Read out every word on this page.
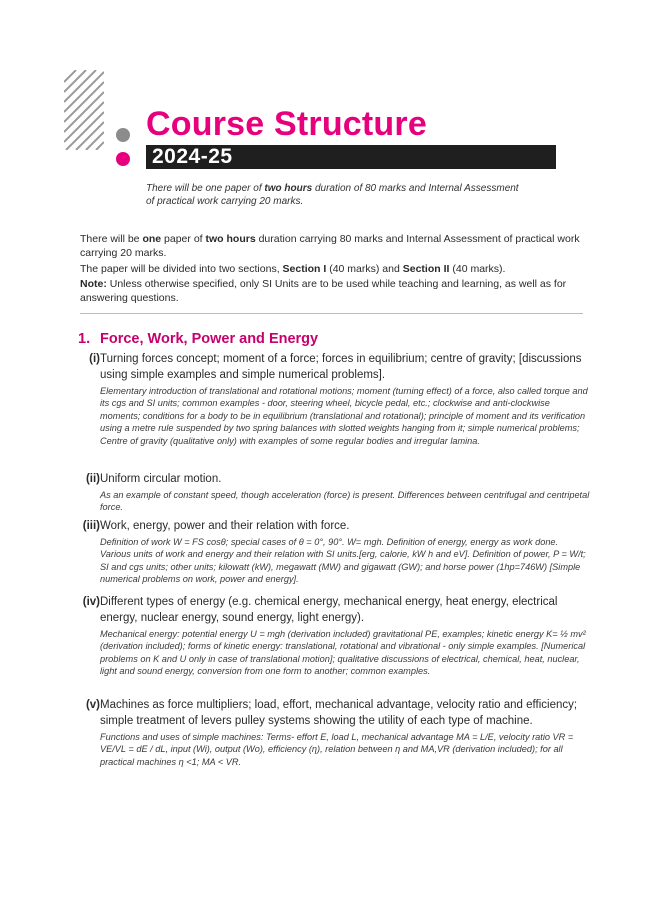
Course Structure
2024-25
There will be one paper of two hours duration of 80 marks and Internal Assessment of practical work carrying 20 marks.
There will be one paper of two hours duration carrying 80 marks and Internal Assessment of practical work carrying 20 marks.
The paper will be divided into two sections, Section I (40 marks) and Section II (40 marks).
Note: Unless otherwise specified, only SI Units are to be used while teaching and learning, as well as for answering questions.
1. Force, Work, Power and Energy
(i) Turning forces concept; moment of a force; forces in equilibrium; centre of gravity; [discussions using simple examples and simple numerical problems].
Elementary introduction of translational and rotational motions; moment (turning effect) of a force, also called torque and its cgs and SI units; common examples - door, steering wheel, bicycle pedal, etc.; clockwise and anti-clockwise moments; conditions for a body to be in equilibrium (translational and rotational); principle of moment and its verification using a metre rule suspended by two spring balances with slotted weights hanging from it; simple numerical problems; Centre of gravity (qualitative only) with examples of some regular bodies and irregular lamina.
(ii) Uniform circular motion.
As an example of constant speed, though acceleration (force) is present. Differences between centrifugal and centripetal force.
(iii) Work, energy, power and their relation with force.
Definition of work W = FS cosθ; special cases of θ = 0°, 90°. W= mgh. Definition of energy, energy as work done. Various units of work and energy and their relation with SI units.[erg, calorie, kW h and eV]. Definition of power, P = W/t; SI and cgs units; other units; kilowatt (kW), megawatt (MW) and gigawatt (GW); and horse power (1hp=746W) [Simple numerical problems on work, power and energy].
(iv) Different types of energy (e.g. chemical energy, mechanical energy, heat energy, electrical energy, nuclear energy, sound energy, light energy).
Mechanical energy: potential energy U = mgh (derivation included) gravitational PE, examples; kinetic energy K= ½ mv² (derivation included); forms of kinetic energy: translational, rotational and vibrational - only simple examples. [Numerical problems on K and U only in case of translational motion]; qualitative discussions of electrical, chemical, heat, nuclear, light and sound energy, conversion from one form to another; common examples.
(v) Machines as force multipliers; load, effort, mechanical advantage, velocity ratio and efficiency; simple treatment of levers pulley systems showing the utility of each type of machine.
Functions and uses of simple machines: Terms- effort E, load L, mechanical advantage MA = L/E, velocity ratio VR = VE/VL = dE / dL, input (Wi), output (Wo), efficiency (η), relation between η and MA,VR (derivation included); for all practical machines η <1; MA < VR.
